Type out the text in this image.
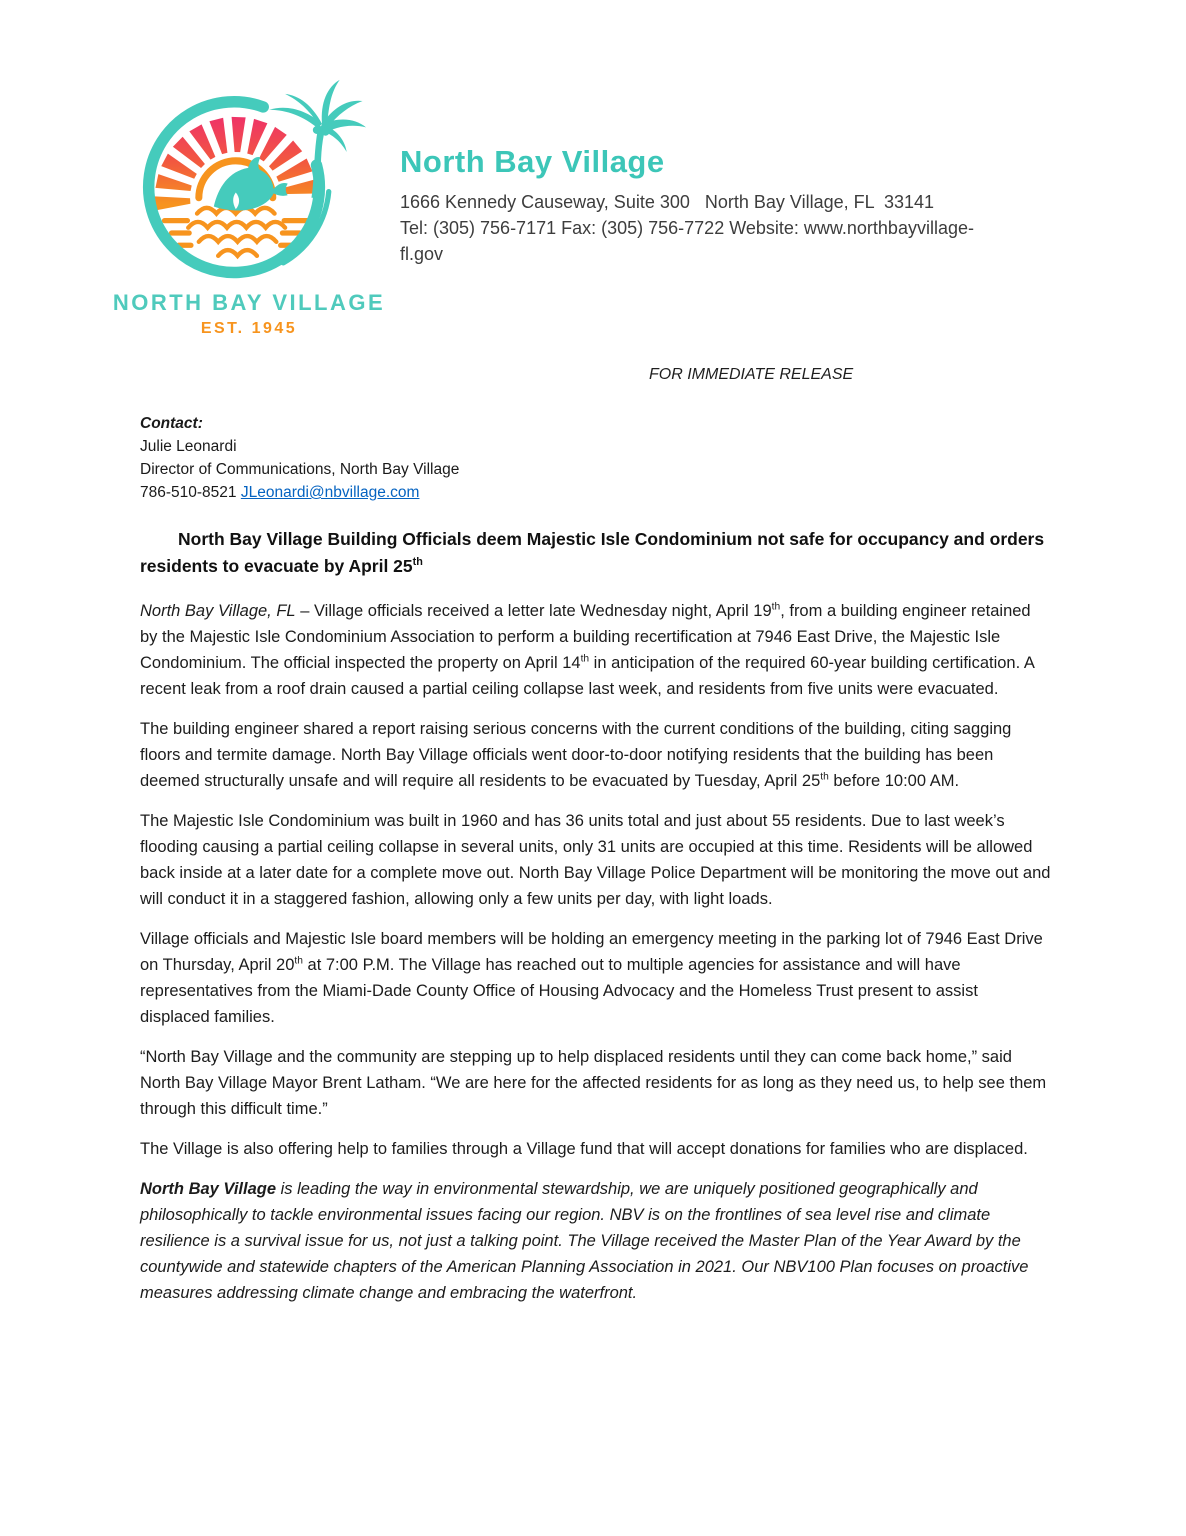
NORTH BAY VILLAGE
EST. 1945
North Bay Village
1666 Kennedy Causeway, Suite 300   North Bay Village, FL  33141
Tel: (305) 756-7171 Fax: (305) 756-7722 Website: www.northbayvillage-
fl.gov
FOR IMMEDIATE RELEASE
Contact:
Julie Leonardi
Director of Communications, North Bay Village
786-510-8521 JLeonardi@nbvillage.com
North Bay Village Building Officials deem Majestic Isle Condominium not safe for occupancy and orders residents to evacuate by April 25th

North Bay Village, FL – Village officials received a letter late Wednesday night, April 19th, from a building engineer retained by the Majestic Isle Condominium Association to perform a building recertification at 7946 East Drive, the Majestic Isle Condominium. The official inspected the property on April 14th in anticipation of the required 60-year building certification. A recent leak from a roof drain caused a partial ceiling collapse last week, and residents from five units were evacuated.

The building engineer shared a report raising serious concerns with the current conditions of the building, citing sagging floors and termite damage. North Bay Village officials went door-to-door notifying residents that the building has been deemed structurally unsafe and will require all residents to be evacuated by Tuesday, April 25th before 10:00 AM.

The Majestic Isle Condominium was built in 1960 and has 36 units total and just about 55 residents. Due to last week’s flooding causing a partial ceiling collapse in several units, only 31 units are occupied at this time. Residents will be allowed back inside at a later date for a complete move out. North Bay Village Police Department will be monitoring the move out and will conduct it in a staggered fashion, allowing only a few units per day, with light loads.

Village officials and Majestic Isle board members will be holding an emergency meeting in the parking lot of 7946 East Drive on Thursday, April 20th at 7:00 P.M. The Village has reached out to multiple agencies for assistance and will have representatives from the Miami-Dade County Office of Housing Advocacy and the Homeless Trust present to assist displaced families.

“North Bay Village and the community are stepping up to help displaced residents until they can come back home,” said North Bay Village Mayor Brent Latham. “We are here for the affected residents for as long as they need us, to help see them through this difficult time.”

The Village is also offering help to families through a Village fund that will accept donations for families who are displaced.

North Bay Village is leading the way in environmental stewardship, we are uniquely positioned geographically and philosophically to tackle environmental issues facing our region. NBV is on the frontlines of sea level rise and climate resilience is a survival issue for us, not just a talking point. The Village received the Master Plan of the Year Award by the countywide and statewide chapters of the American Planning Association in 2021. Our NBV100 Plan focuses on proactive measures addressing climate change and embracing the waterfront.
